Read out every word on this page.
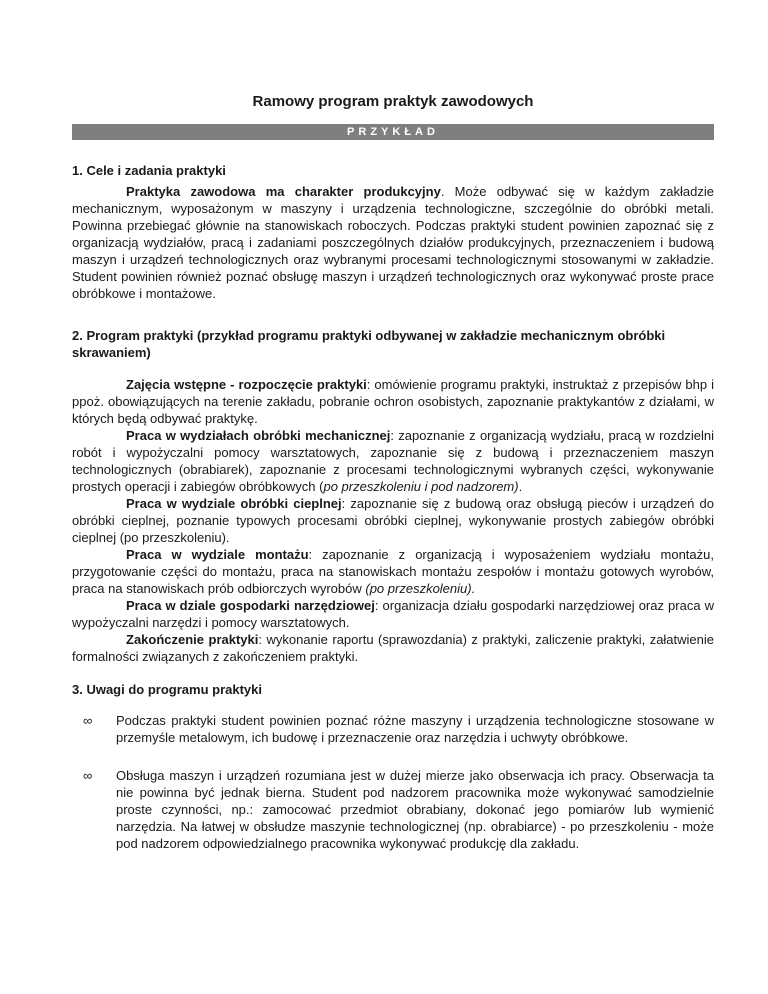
Ramowy program praktyk zawodowych
PRZYKŁAD
1. Cele i zadania praktyki

Praktyka zawodowa ma charakter produkcyjny. Może odbywać się w każdym zakładzie mechanicznym, wyposażonym w maszyny i urządzenia technologiczne, szczególnie do obróbki metali. Powinna przebiegać głównie na stanowiskach roboczych. Podczas praktyki student powinien zapoznać się z organizacją wydziałów, pracą i zadaniami poszczególnych działów produkcyjnych, przeznaczeniem i budową maszyn i urządzeń technologicznych oraz wybranymi procesami technologicznymi stosowanymi w zakładzie. Student powinien również poznać obsługę maszyn i urządzeń technologicznych oraz wykonywać proste prace obróbkowe i montażowe.

2. Program praktyki (przykład programu praktyki odbywanej w zakładzie mechanicznym obróbki skrawaniem)

Zajęcia wstępne - rozpoczęcie praktyki: omówienie programu praktyki, instruktaż z przepisów bhp i ppoż. obowiązujących na terenie zakładu, pobranie ochron osobistych, zapoznanie praktykantów z działami, w których będą odbywać praktykę.

Praca w wydziałach obróbki mechanicznej: zapoznanie z organizacją wydziału, pracą w rozdzielni robót i wypożyczalni pomocy warsztatowych, zapoznanie się z budową i przeznaczeniem maszyn technologicznych (obrabiarek), zapoznanie z procesami technologicznymi wybranych części, wykonywanie prostych operacji i zabiegów obróbkowych (po przeszkoleniu i pod nadzorem).

Praca w wydziale obróbki cieplnej: zapoznanie się z budową oraz obsługą pieców i urządzeń do obróbki cieplnej, poznanie typowych procesami obróbki cieplnej, wykonywanie prostych zabiegów obróbki cieplnej (po przeszkoleniu).

Praca w wydziale montażu: zapoznanie z organizacją i wyposażeniem wydziału montażu, przygotowanie części do montażu, praca na stanowiskach montażu zespołów i montażu gotowych wyrobów, praca na stanowiskach prób odbiorczych wyrobów (po przeszkoleniu).

Praca w dziale gospodarki narzędziowej: organizacja działu gospodarki narzędziowej oraz praca w wypożyczalni narzędzi i pomocy warsztatowych.

Zakończenie praktyki: wykonanie raportu (sprawozdania) z praktyki, zaliczenie praktyki, załatwienie formalności związanych z zakończeniem praktyki.

3. Uwagi do programu praktyki
∞ Podczas praktyki student powinien poznać różne maszyny i urządzenia technologiczne stosowane w przemyśle metalowym, ich budowę i przeznaczenie oraz narzędzia i uchwyty obróbkowe.
∞ Obsługa maszyn i urządzeń rozumiana jest w dużej mierze jako obserwacja ich pracy. Obserwacja ta nie powinna być jednak bierna. Student pod nadzorem pracownika może wykonywać samodzielnie proste czynności, np.: zamocować przedmiot obrabiany, dokonać jego pomiarów lub wymienić narzędzia. Na łatwej w obsłudze maszynie technologicznej (np. obrabiarce) - po przeszkoleniu - może pod nadzorem odpowiedzialnego pracownika wykonywać produkcję dla zakładu.
